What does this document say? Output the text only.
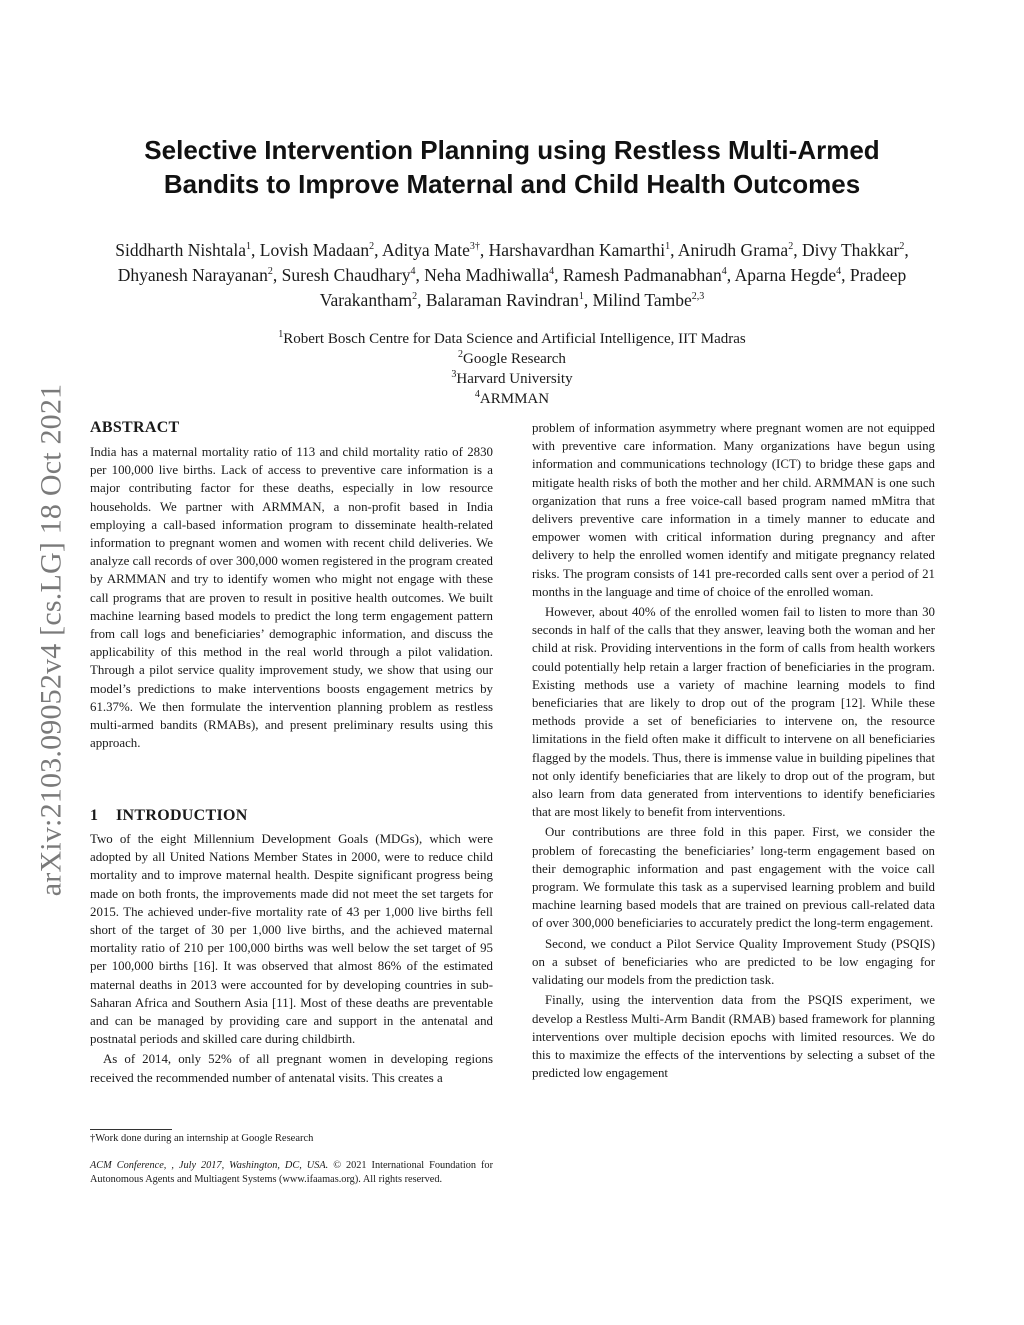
arXiv:2103.09052v4 [cs.LG] 18 Oct 2021
Selective Intervention Planning using Restless Multi-Armed Bandits to Improve Maternal and Child Health Outcomes

Siddharth Nishtala$^1$, Lovish Madaan$^2$, Aditya Mate$^{3\dagger}$, Harshavardhan Kamarthi$^1$, Anirudh Grama$^2$, Divy Thakkar$^2$, Dhyanesh Narayanan$^2$, Suresh Chaudhary$^4$, Neha Madhiwalla$^4$, Ramesh Padmanabhan$^4$, Aparna Hegde$^4$, Pradeep Varakantham$^2$, Balaraman Ravindran$^1$, Milind Tambe$^{2,3}$

$^1$Robert Bosch Centre for Data Science and Artificial Intelligence, IIT Madras

$^2$Google Research

$^3$Harvard University

$^4$ARMMAN

ABSTRACT

India has a maternal mortality ratio of 113 and child mortality ratio of 2830 per 100,000 live births. Lack of access to preventive care information is a major contributing factor for these deaths, especially in low resource households. We partner with ARMMAN, a non-profit based in India employing a call-based information program to disseminate health-related information to pregnant women and women with recent child deliveries. We analyze call records of over 300,000 women registered in the program created by ARMMAN and try to identify women who might not engage with these call programs that are proven to result in positive health outcomes. We built machine learning based models to predict the long term engagement pattern from call logs and beneficiaries’ demographic information, and discuss the applicability of this method in the real world through a pilot validation. Through a pilot service quality improvement study, we show that using our model’s predictions to make interventions boosts engagement metrics by 61.37%. We then formulate the intervention planning problem as restless multi-armed bandits (RMABs), and present preliminary results using this approach.

1 INTRODUCTION

Two of the eight Millennium Development Goals (MDGs), which were adopted by all United Nations Member States in 2000, were to reduce child mortality and to improve maternal health. Despite significant progress being made on both fronts, the improvements made did not meet the set targets for 2015. The achieved under-five mortality rate of 43 per 1,000 live births fell short of the target of 30 per 1,000 live births, and the achieved maternal mortality ratio of 210 per 100,000 births was well below the set target of 95 per 100,000 births [16]. It was observed that almost 86% of the estimated maternal deaths in 2013 were accounted for by developing countries in sub-Saharan Africa and Southern Asia [11]. Most of these deaths are preventable and can be managed by providing care and support in the antenatal and postnatal periods and skilled care during childbirth.

As of 2014, only 52% of all pregnant women in developing regions received the recommended number of antenatal visits. This creates a

problem of information asymmetry where pregnant women are not equipped with preventive care information. Many organizations have begun using information and communications technology (ICT) to bridge these gaps and mitigate health risks of both the mother and her child. ARMMAN is one such organization that runs a free voice-call based program named mMitra that delivers preventive care information in a timely manner to educate and empower women with critical information during pregnancy and after delivery to help the enrolled women identify and mitigate pregnancy related risks. The program consists of 141 pre-recorded calls sent over a period of 21 months in the language and time of choice of the enrolled woman.

However, about 40% of the enrolled women fail to listen to more than 30 seconds in half of the calls that they answer, leaving both the woman and her child at risk. Providing interventions in the form of calls from health workers could potentially help retain a larger fraction of beneficiaries in the program. Existing methods use a variety of machine learning models to find beneficiaries that are likely to drop out of the program [12]. While these methods provide a set of beneficiaries to intervene on, the resource limitations in the field often make it difficult to intervene on all beneficiaries flagged by the models. Thus, there is immense value in building pipelines that not only identify beneficiaries that are likely to drop out of the program, but also learn from data generated from interventions to identify beneficiaries that are most likely to benefit from interventions.

Our contributions are three fold in this paper. First, we consider the problem of forecasting the beneficiaries’ long-term engagement based on their demographic information and past engagement with the voice call program. We formulate this task as a supervised learning problem and build machine learning based models that are trained on previous call-related data of over 300,000 beneficiaries to accurately predict the long-term engagement.

Second, we conduct a Pilot Service Quality Improvement Study (PSQIS) on a subset of beneficiaries who are predicted to be low engaging for validating our models from the prediction task.

Finally, using the intervention data from the PSQIS experiment, we develop a Restless Multi-Arm Bandit (RMAB) based framework for planning interventions over multiple decision epochs with limited resources. We do this to maximize the effects of the interventions by selecting a subset of the predicted low engagement

†Work done during an internship at Google Research

ACM Conference, , July 2017, Washington, DC, USA. © 2021 International Foundation for Autonomous Agents and Multiagent Systems (www.ifaamas.org). All rights reserved.
